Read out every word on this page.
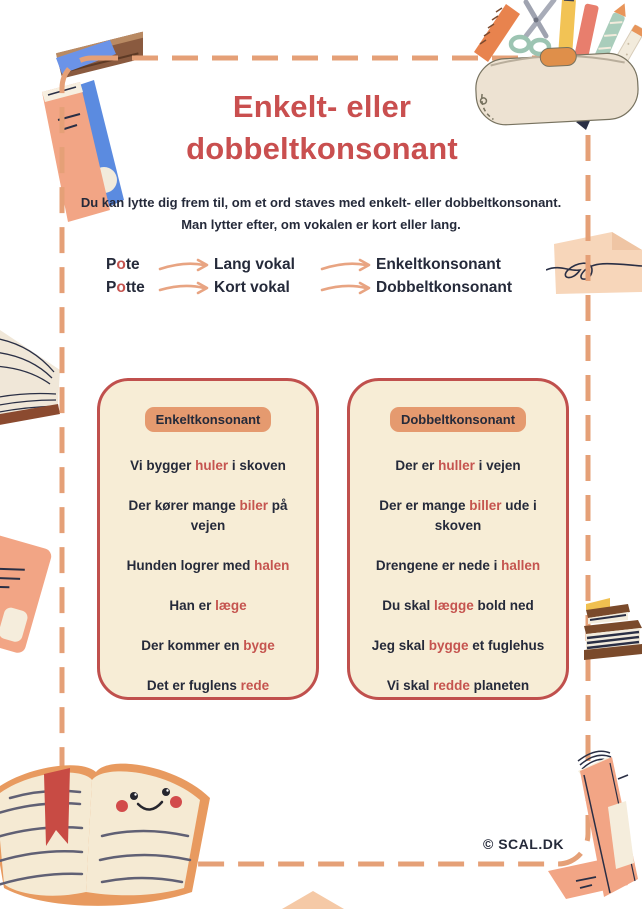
Enkelt- eller
dobbeltkonsonant
Du kan lytte dig frem til, om et ord staves med enkelt- eller dobbeltkonsonant.
Man lytter efter, om vokalen er kort eller lang.
Pote	Lang vokal	Enkeltkonsonant
Potte	Kort vokal	Dobbeltkonsonant
Enkeltkonsonant
Vi bygger huler i skoven
Der kører mange biler på vejen
Hunden logrer med halen
Han er læge
Der kommer en byge
Det er fuglens rede
Dobbeltkonsonant
Der er huller i vejen
Der er mange biller ude i skoven
Drengene er nede i hallen
Du skal lægge bold ned
Jeg skal bygge et fuglehus
Vi skal redde planeten
© SCAL.DK
